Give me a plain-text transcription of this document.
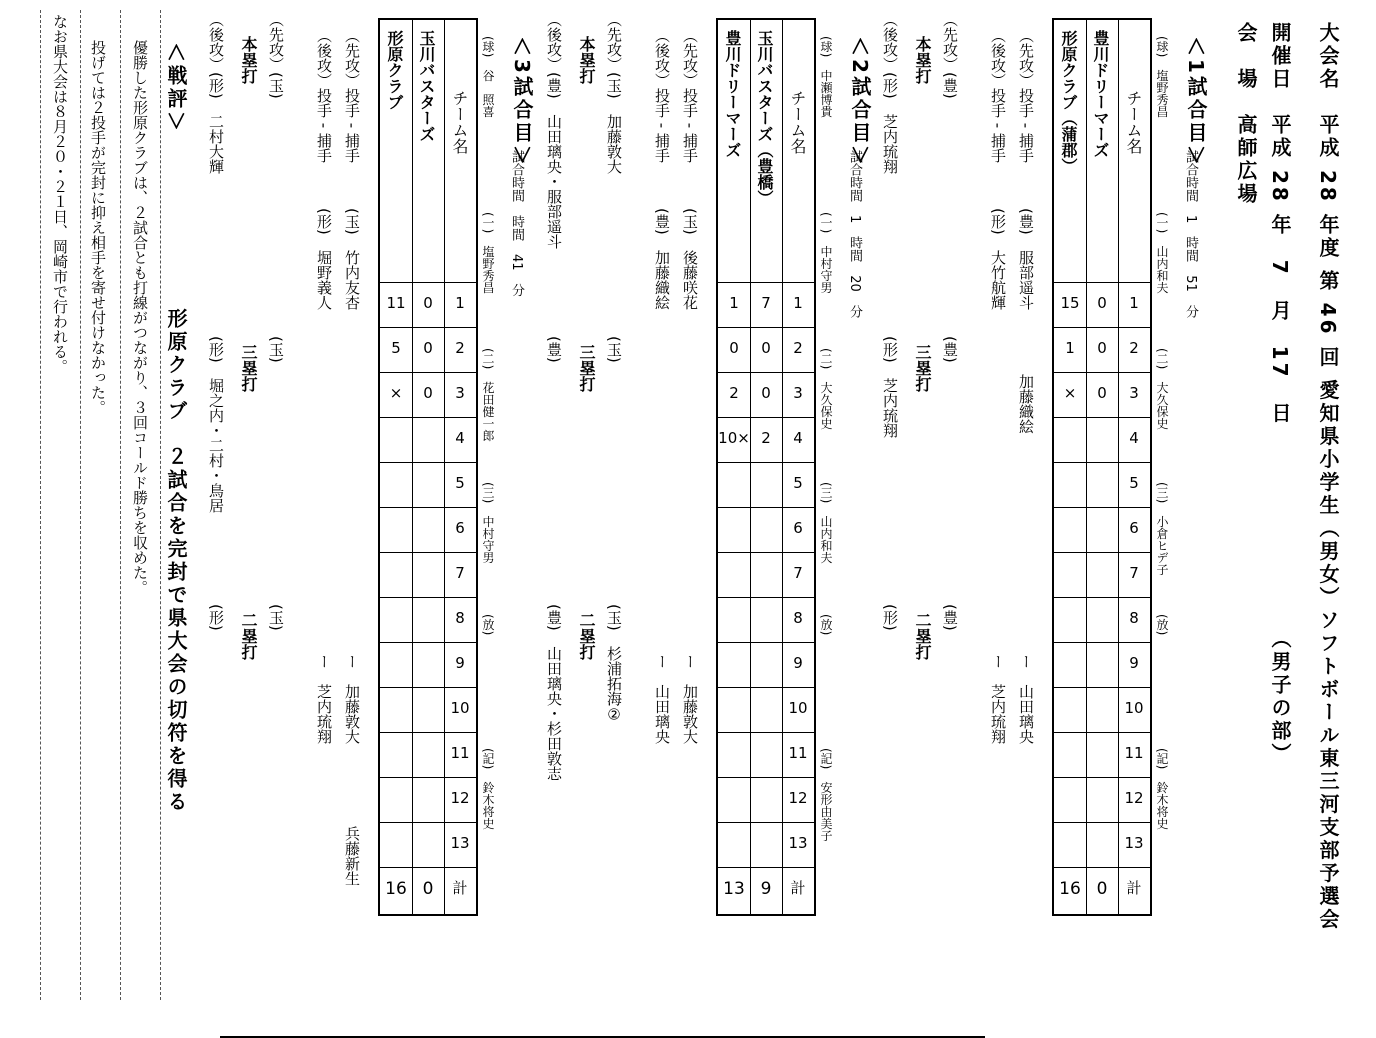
大会名　平成 28 年度 第 46 回 愛知県小学生（男女）ソフトボール東三河支部予選会
開催日　平成 28 年　7　月　17　日
（男子の部）
会　場　高師広場
＜1試合目＞
試合時間　1　時間　51　分
(球)　塩野秀昌
(一)　山内和夫
(二)　大久保史
(三)　小倉ヒデ子
(放)
(記)　鈴木将史
チーム名
1
2
3
4
5
6
7
8
9
10
11
12
13
計
豊川ドリーマーズ
0
0
0
0
形原クラブ（蒲郡）
15
1
×
16
（先攻）投手 - 捕手
(豊)　服部遥斗
加藤織絵
ー　山田璃央
（後攻）投手 - 捕手
(形)　大竹航輝
ー　芝内琉翔
本塁打 （先攻）(豊)
（後攻）(形)　芝内琉翔
三塁打 (豊)
(形)　芝内琉翔
二塁打 (豊)
(形)
＜2試合目＞
試合時間　1　時間　20　分
(球)　中瀬博貴
(一)　中村守男
(二)　大久保史
(三)　山内和夫
(放)
(記)　安形由美子
チーム名
1
2
3
4
5
6
7
8
9
10
11
12
13
計
玉川バスターズ（豊橋）
7
0
0
2
9
豊川ドリーマーズ
1
0
2
10×
13
（先攻）投手 - 捕手
(玉)　後藤咲花
ー　加藤敦大
（後攻）投手 - 捕手
(豊)　加藤織絵
ー　山田璃央
本塁打 （先攻）(玉)　加藤敦大
（後攻）(豊)　山田璃央・服部遥斗
三塁打 (玉)
(豊)
二塁打 (玉)　杉浦拓海②
(豊)　山田璃央・杉田敦志
＜3試合目＞
試合時間　時間　41　分
(球)　谷　照喜
(一)　塩野秀昌
(二)　花田健一郎
(三)　中村守男
(放)
(記)　鈴木将史
チーム名
1
2
3
4
5
6
7
8
9
10
11
12
13
計
玉川バスターズ
0
0
0
0
形原クラブ
11
5
×
16
（先攻）投手 - 捕手
(玉)　竹内友杏
ー　加藤敦大
兵藤新生
（後攻）投手 - 捕手
(形)　堀野義人
ー　芝内琉翔
本塁打 （先攻）(玉)
（後攻）(形)　二村大輝
三塁打 (玉)
(形)　堀之内・二村・鳥居
二塁打 (玉)
(形)
＜戦評＞
形原クラブ　２試合を完封で県大会の切符を得る
優勝した形原クラブは、２試合とも打線がつながり、３回コールド勝ちを収めた。
投げては２投手が完封に抑え相手を寄せ付けなかった。
なお県大会は８月２０・２１日、岡崎市で行われる。
